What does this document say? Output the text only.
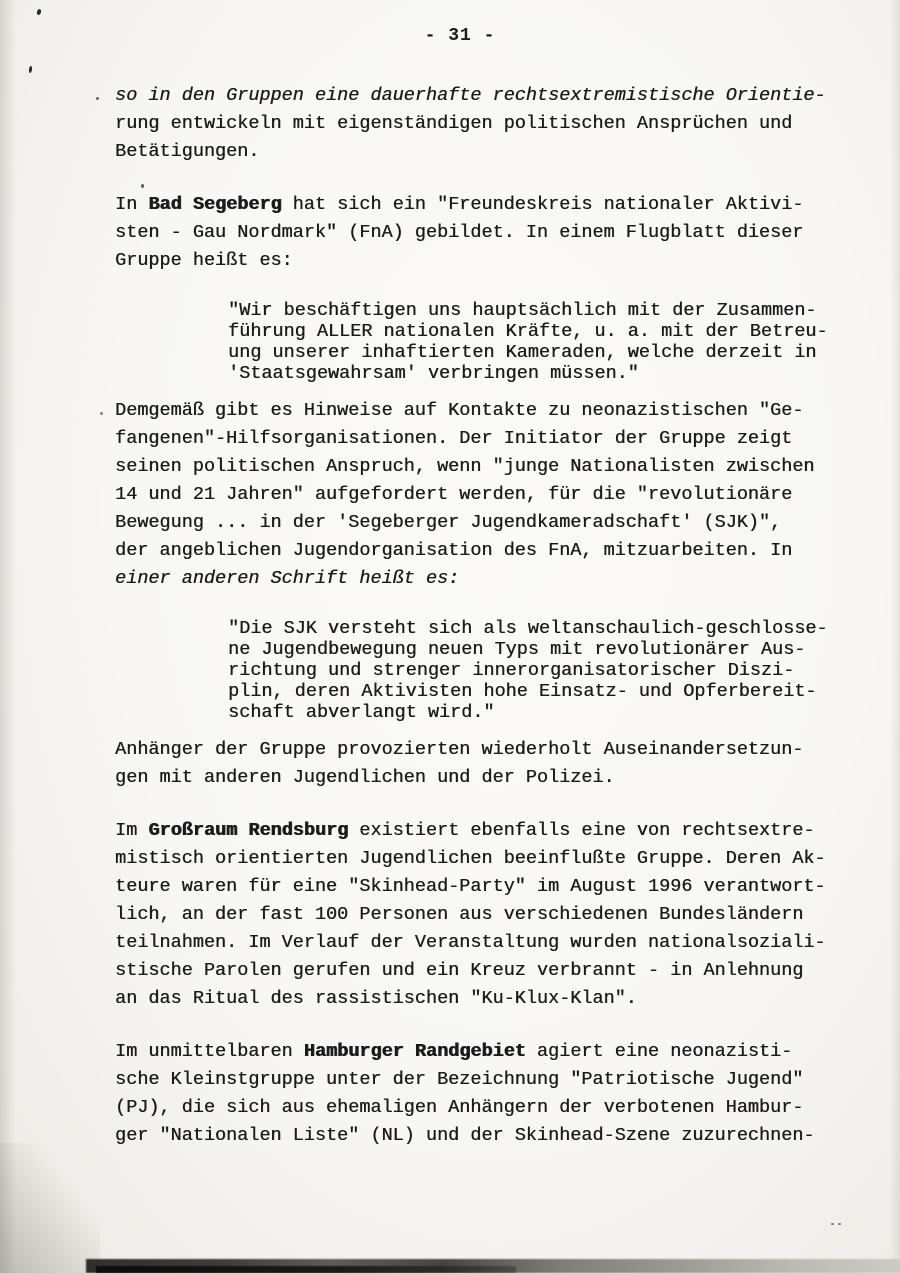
- 31 -
so in den Gruppen eine dauerhafte rechtsextremistische Orientie-
rung entwickeln mit eigenständigen politischen Ansprüchen und
Betätigungen.
In Bad Segeberg hat sich ein "Freundeskreis nationaler Aktivi-
sten - Gau Nordmark" (FnA) gebildet. In einem Flugblatt dieser
Gruppe heißt es:
"Wir beschäftigen uns hauptsächlich mit der Zusammen-
führung ALLER nationalen Kräfte, u. a. mit der Betreu-
ung unserer inhaftierten Kameraden, welche derzeit in
'Staatsgewahrsam' verbringen müssen."
Demgemäß gibt es Hinweise auf Kontakte zu neonazistischen "Ge-
fangenen"-Hilfsorganisationen. Der Initiator der Gruppe zeigt
seinen politischen Anspruch, wenn "junge Nationalisten zwischen
14 und 21 Jahren" aufgefordert werden, für die "revolutionäre
Bewegung ... in der 'Segeberger Jugendkameradschaft' (SJK)",
der angeblichen Jugendorganisation des FnA, mitzuarbeiten. In
einer anderen Schrift heißt es:
"Die SJK versteht sich als weltanschaulich-geschlosse-
ne Jugendbewegung neuen Typs mit revolutionärer Aus-
richtung und strenger innerorganisatorischer Diszi-
plin, deren Aktivisten hohe Einsatz- und Opferbereit-
schaft abverlangt wird."
Anhänger der Gruppe provozierten wiederholt Auseinandersetzun-
gen mit anderen Jugendlichen und der Polizei.
Im Großraum Rendsburg existiert ebenfalls eine von rechtsextre-
mistisch orientierten Jugendlichen beeinflußte Gruppe. Deren Ak-
teure waren für eine "Skinhead-Party" im August 1996 verantwort-
lich, an der fast 100 Personen aus verschiedenen Bundesländern
teilnahmen. Im Verlauf der Veranstaltung wurden nationalsoziali-
stische Parolen gerufen und ein Kreuz verbrannt - in Anlehnung
an das Ritual des rassistischen "Ku-Klux-Klan".
Im unmittelbaren Hamburger Randgebiet agiert eine neonazisti-
sche Kleinstgruppe unter der Bezeichnung "Patriotische Jugend"
(PJ), die sich aus ehemaligen Anhängern der verbotenen Hambur-
ger "Nationalen Liste" (NL) und der Skinhead-Szene zuzurechnen-
